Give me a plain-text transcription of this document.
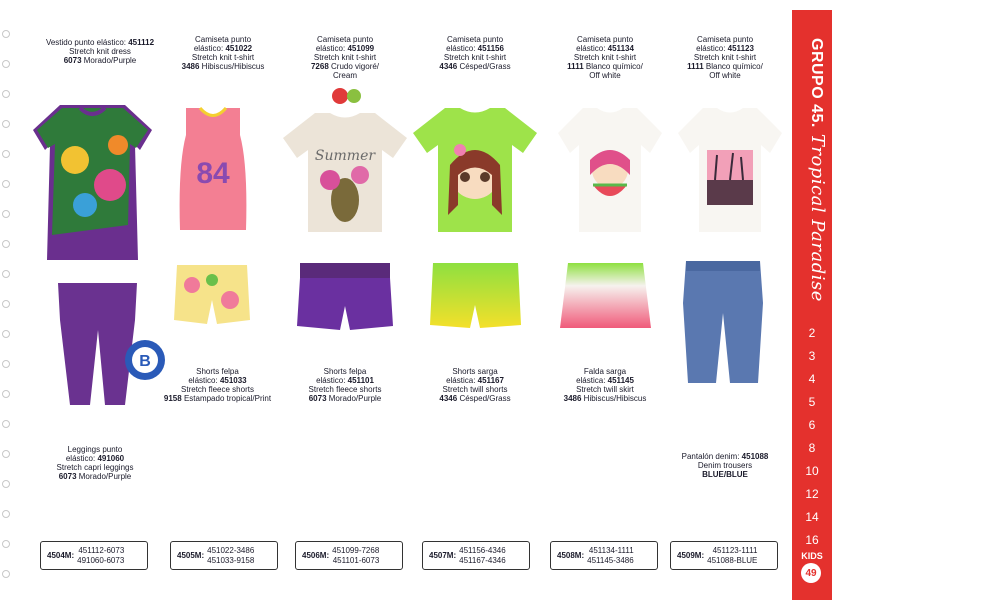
Vestido punto elástico: 451112
Stretch knit dress
6073 Morado/Purple
Camiseta punto
elástico: 451022
Stretch knit t-shirt
3486 Hibiscus/Hibiscus
Camiseta punto
elástico: 451099
Stretch knit t-shirt
7268 Crudo vigoré/
Cream
Camiseta punto
elástico: 451156
Stretch knit t-shirt
4346 Césped/Grass
Camiseta punto
elástico: 451134
Stretch knit t-shirt
1111 Blanco químico/
Off white
Camiseta punto
elástico: 451123
Stretch knit t-shirt
1111 Blanco químico/
Off white
84
Summer
B
Shorts felpa
elástico: 451033
Stretch fleece shorts
9158 Estampado tropical/Print
Shorts felpa
elástico: 451101
Stretch fleece shorts
6073 Morado/Purple
Shorts sarga
elástica: 451167
Stretch twill shorts
4346 Césped/Grass
Falda sarga
elástica: 451145
Stretch twill skirt
3486 Hibiscus/Hibiscus
Leggings punto
elástico: 491060
Stretch capri leggings
6073 Morado/Purple
Pantalón denim: 451088
Denim trousers
BLUE/BLUE
4504M:
451112-6073
491060-6073
4505M:
451022-3486
451033-9158
4506M:
451099-7268
451101-6073
4507M:
451156-4346
451167-4346
4508M:
451134-1111
451145-3486
4509M:
451123-1111
451088-BLUE
GRUPO 45.Tropical Paradise
2
3
4
5
6
8
10
12
14
16
KIDS
49
